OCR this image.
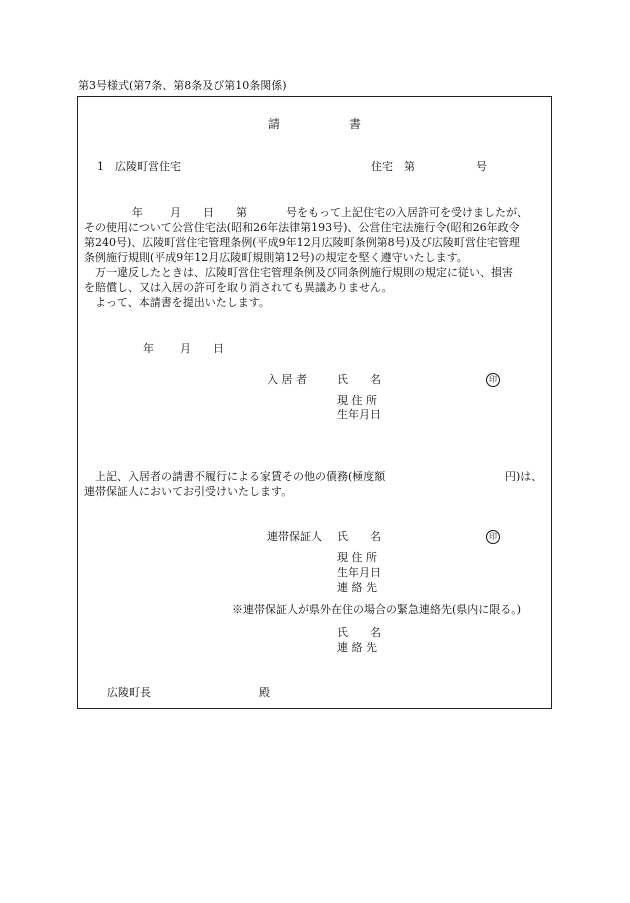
第3号様式(第7条、第8条及び第10条関係)
請	書
1　広陵町営住宅	住宅　第	号
年 月 日 第	号をもって上記住宅の入居許可を受けましたが、
その使用について公営住宅法(昭和26年法律第193号)、公営住宅法施行令(昭和26年政令
第240号)、広陵町営住宅管理条例(平成9年12月広陵町条例第8号)及び広陵町営住宅管理
条例施行規則(平成9年12月広陵町規則第12号)の規定を堅く遵守いたします。
万一違反したときは、広陵町営住宅管理条例及び同条例施行規則の規定に従い、損害
を賠償し、又は入居の許可を取り消されても異議ありません。
よって、本請書を提出いたします。
年 月 日
入 居 者	氏　　名	印
現 住 所
生年月日
上記、入居者の請書不履行による家賃その他の債務(極度額	円)は、
連帯保証人においてお引受けいたします。
連帯保証人 氏　　名	印
現 住 所
生年月日
連 絡 先
※連帯保証人が県外在住の場合の緊急連絡先(県内に限る。)
氏　　名
連 絡 先
広陵町長	殿
